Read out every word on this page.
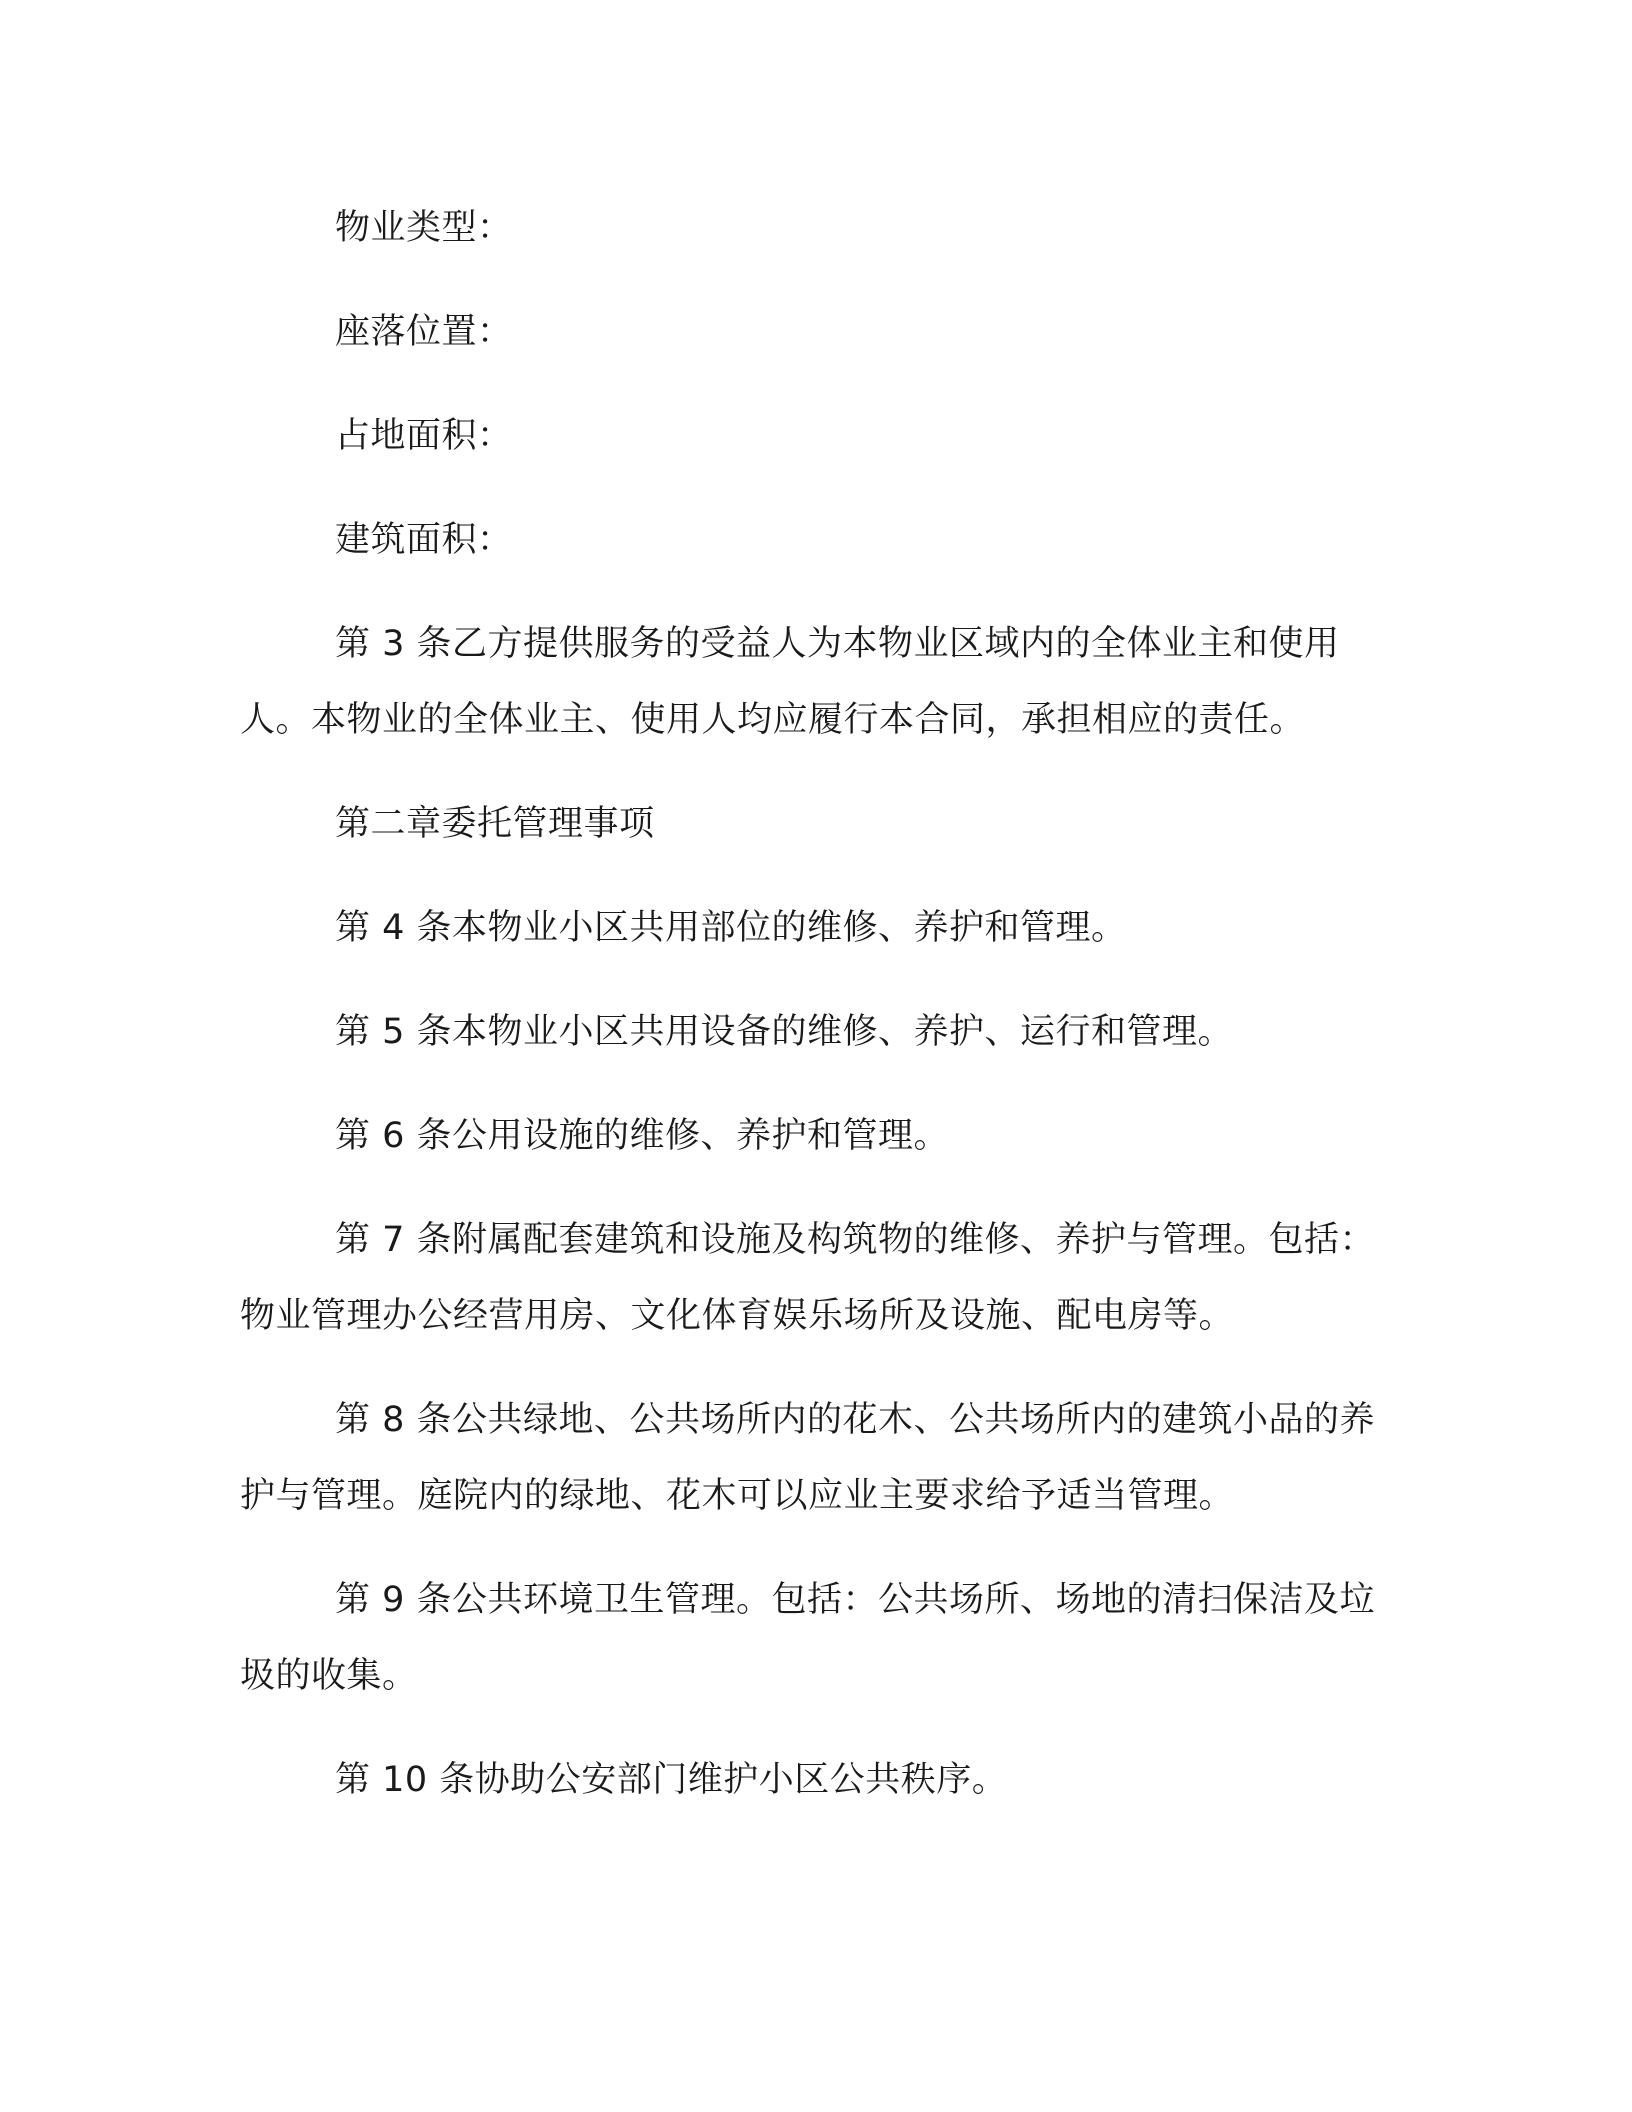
物业类型：

座落位置：

占地面积：

建筑面积：

第 3 条乙方提供服务的受益人为本物业区域内的全体业主和使用人。本物业的全体业主、使用人均应履行本合同，承担相应的责任。

第二章委托管理事项

第 4 条本物业小区共用部位的维修、养护和管理。

第 5 条本物业小区共用设备的维修、养护、运行和管理。

第 6 条公用设施的维修、养护和管理。

第 7 条附属配套建筑和设施及构筑物的维修、养护与管理。包括：物业管理办公经营用房、文化体育娱乐场所及设施、配电房等。

第 8 条公共绿地、公共场所内的花木、公共场所内的建筑小品的养护与管理。庭院内的绿地、花木可以应业主要求给予适当管理。

第 9 条公共环境卫生管理。包括：公共场所、场地的清扫保洁及垃圾的收集。

第 10 条协助公安部门维护小区公共秩序。
